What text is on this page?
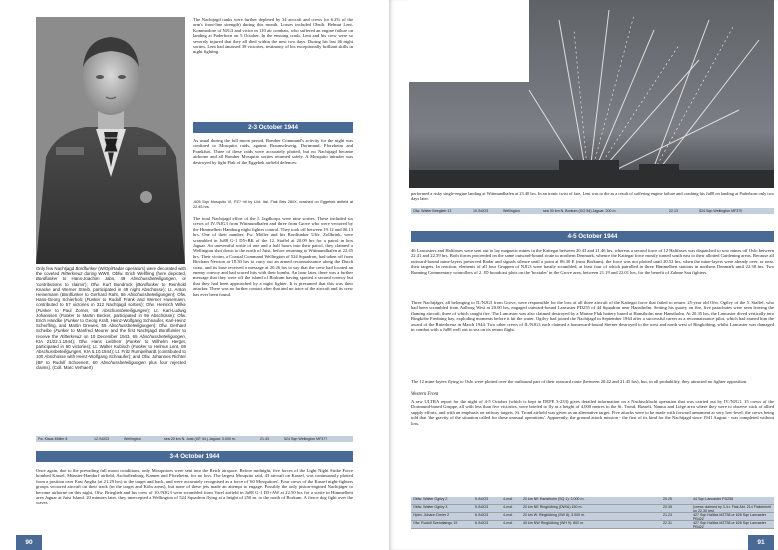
Only few Nachtjagd Bordfunker (W/Op/Radar operators) were decorated with the coveted Ritterkreuz during WWII. Obfw. Erich Wellfring (here depicted, Bordfunker to Hans-Joachim Jabs, 49 Abschussbeteiligungen, or 'contributions to claims'); Ofw. Kurt Bundrock (Bordfunker to Reinhold Knacke and Werner Streib, participated in 49 night Abschüsse); Lt. Anton Heinemann (Bordfunker to Gerhard Raht, 56 Abschussbeteiligungen); Ofw. Hans-Georg Schierholz (Funker to Rudolf Frank and Werner Husemann, contributed to 57 victories in 312 Nachtjagd sorties); Ofw. Heinrich Wilke (Funker to Paul Zorner, 58 Abschussbeteiligungen); Lt. Karl-Ludwig Johanssen (Funker to Martin Becker, participated in 59 Abschüsse); Ofw. Erich Handke (Funker to Georg Kraft, Heinz-Wolfgang Schnaufer, Karl-Heinz Scherfling, and Martin Drewes, 55 Abschussbeteiligungen); Ofw. Gerhard Scheibe (Funker to Manfred Meurer and the first Nachtjagd Bordfunker to receive the Ritterkreuz on 10 December 1943, 65 Abschussbeteiligungen, KIA 21/22.1.1944); Ofw. Hans Liebherr (Funker to Wilhelm Herget, participated in 60 victories); Lt. Walter Kubisch (Funker to Helmut Lent, 69 Abschussbeteiligungen, KIA 5.10.1944); Lt. Fritz Rumpelhardt (contributed to 100 Abschüsse with Heinz-Wolfgang Schnaufer); and Ofw. Johannes Richter (BF to Rudolf Schoenert, 60 Abschussbeteiligungen plus four rejected claims). (Coll. Marc Verhaert)

The Nachtjagd ranks were further depleted by 34 aircraft and crews (or 6.2% of the arm's front-line strength) during this month. Losses included Obstlt. Helmut Lent, Kommodore of NJG3 and victor in 110 air combats, who suffered an engine failure on landing at Paderborn on 5 October. In the ensuing crash, Lent and his crew were so severely injured that they all died within the next two days. During his last 46 night sorties, Lent had amassed 39 victories, testimony of his exceptionally brilliant skills in night fighting.

2-3 October 1944

As usual during the full moon period, Bomber Command's activity for the night was confined to Mosquito raids, against Braunschweig, Dortmund, Pforzheim and Frankfurt. Three of these raids were accurately plotted, but no Nachtjagd became airborne and all Bomber Mosquito sorties returned safely. A Mosquito intruder was destroyed by light Flak of the Eggebek airfield defences:

-605 Sqn Mosquito VI, PZ? hit by L/kt. Ital. Flak Brts 28/IX, crashed on Eggebek airfield at 22.45 hrs.

The total Nachtjagd effort of the I. Jagdkorps were nine sorties. These included six crews of IV./NJG3 from Wittmundhafen and three from Grove who were vectored by the Himmelbett Hamburg night fighter control. They took off between 19.12 and 06.13 hrs. One of their number, Fw. Möller and his Bordfunker Uffz. Zollbrink, were scrambled in Ju88 G-1 D5+BK of the 12. Staffel at 20.09 hrs for a patrol in box Jaguar. An uneventful sortie of one and a half hours into their patrol, they claimed a Wellington shot down to the north of Juist, before returning to Wittmundhafen at 22.45 hrs. Their victim, a Coastal Command Wellington of 524 Squadron, had taken off from Bircham Newton at 18.30 hrs to carry out an armed reconnaissance along the Dutch coast, and its base received a message at 20.26 hrs to say that the crew had located an enemy convoy and had scored hits with their bombs. An hour later, there was a further message that they were off the island of Borkum having spotted a second convoy but that they had been approached by a night fighter. It is presumed that this was their attacker. There was no further contact after that and no trace of the aircraft and its crew has ever been found.

Fw. Klaus Möller 8	12./NJG3	Wellington	sea 20 km N. Juist (GF 44.) Jaguar: 3.000 m.	21.43	524 Sqn Wellington MF377
3-4 October 1944

Once again, due to the prevailing full moon conditions, only Mosquitoes were sent into the Reich airspace. Before midnight, five forces of the Light Night Strike Force bombed Kassel, Münster-Handorf airfield, Aschaffenburg, Kamen and Pforzheim, for no loss. The largest Mosquito raid, 43 aircraft on Kassel, was continuously plotted from a position over East Anglia (at 21.29 hrs) to the target and back, and were accurately recognised as a force of '60 Mosquitoes'. Four crews of the Kassel night-fighters groups vectored aircraft on their track (in the target and Köln areas), but none of these jets made an attempt to engage. Possibly the only piston-engined Nachtjäger to become airborne on this night, Ofw. Brieglieb and his crew of 10./NJG3 were scrambled from Varel airfield in Ju88 G-1 D5+AW at 22.50 hrs for a sortie in Himmelbett area Jaguar at Juist Island. 20 minutes later, they intercepted a Wellington of 524 Squadron flying at a height of 250 m. to the north of Borkum. A fierce dog fight over the waves

90

performed a risky single-engine landing at Wittmundhafen at 23.40 hrs. In an ironic twist of fate, Lent was to die as a result of suffering engine failure and crashing his Ju88 on landing at Paderborn only two days later.

Ofw. Walter Brieglieb 13	10./NJG3	Wellington	sea 30 km N. Borkum (GO 54) Jaguar: 200 m.	22.13	524 Sqn Wellington MF370
4-5 October 1944

46 Lancasters and Halifaxes were sent out to lay magnetic mines in the Kattegat between 20.43 and 21.46 hrs, whereas a second force of 12 Halifaxes was dispatched to sow mines off Oslo between 22.41 and 22.59 hrs. Both forces proceeded on the same outward-bound route to northern Denmark, whence the Kattegat force mostly turned south east to their allotted Gardening areas. Because all outward-bound mine-layers preserved Radar and signals silence until a point at 06.30 E (near Borkum), the force was not plotted until 20.52 hrs, when the mine-layers were already over, or near, their targets. In reaction, elements of all four Gruppen of NJG3 were hastily scrambled, at least four of which patrolled in three Himmelbett stations in northern Denmark until 22.38 hrs. Two Running Commentary controllers of 2. JD broadcast plots on the 'boxtaler' in the Grove area, between 21.19 and 22.01 hrs, for the benefit of Zahme Sau fighters.

Three Nachtjäger, all belonging to II./NJG3 from Grove, were responsible for the loss of all three aircraft of the Kattegat force that failed to return. 25-year old Ofw. Ogilvy of the 5. Staffel, who had been scrambled from Aalborg West at 20.00 hrs, engaged outward-bound Lancaster PD255 of 44 Squadron near Hanstholm. Setting his quarry on fire, five parachutes were seen leaving the flaming aircraft, three of which caught fire. The Lancaster was also claimed destroyed by a Marine Flak battery based at Hanstholm near Hanstholm. At 20.35 hrs, the Lancaster dived vertically into Ringköbe Fredning bay, exploding moments before it hit the water. Ogilvy had joined the Nachtjagd in September 1944 after a successful career as a reconnaissance pilot, which had earned him the award of the Ritterkreuz in March 1944. Two other crews of II./NJG3 each claimed a homeward-bound Sterner destroyed to the west and north west of Ringköbing, whilst Lancaster was damaged in combat with a Ju88 well out to sea on its return flight.

The 12 mine-layers flying to Oslo were plotted over the outbound part of their outward route (between 20.42 and 21.45 hrs), but, in all probability, they attracted no fighter opposition.

Western Front

A raw ULTRA report for the night of 4-5 October (which is kept in DEFE 3-233) gives detailed information on a Nachtschlacht operation that was carried out by IV./NJG1. 15 crews of the Dortmund-based Gruppe, all with less than five victories, were briefed to fly at a height of 4,000 metres to the St. Trond, Hasselt, Namur and Liège area where they were to observe stick of allied supply efforts, and with an emphasis on railway targets. St. Trond airfield was given as an alternative target. Five attacks were to be made with forward armament at very low-level, the crews being told that 'the gravity of the situation called for these unusual operations'. Apparently, the ground attack mission - the first of its kind for the Nachtjagd since 1941 August - was completed without loss.

Obfw. Walter Ogilvy 2	5./NJG3	4-mot	20 km NE Hanstholm (SQ 1): 3.000 m.	20.25	44 Sqn Lancaster PD255
Obfw. Walter Ogilvy 3	5./NJG3	4-mot	20 km NE Ringköbing (DW/A) 150 m.	20.35	(crews claimed by 3./Lt. Flak Abt. 214 Flakeinheit on 22.30 hrs)
Hptm. Johann Dreier 2	6./NJG3	4-mot	20 km W. Ringköbing (SW 8): 3.000 m.	21.23	427 Sqn Halifax MZ758 or 626 Sqn Lancaster PB422
Ofw. Rudolf Szendlaingo 19	6./NJG3	4-mot	40 km NW Ringköbing (WH 9): 800 m.	22.31	427 Sqn Halifax MZ758 or 626 Sqn Lancaster PB422
91
